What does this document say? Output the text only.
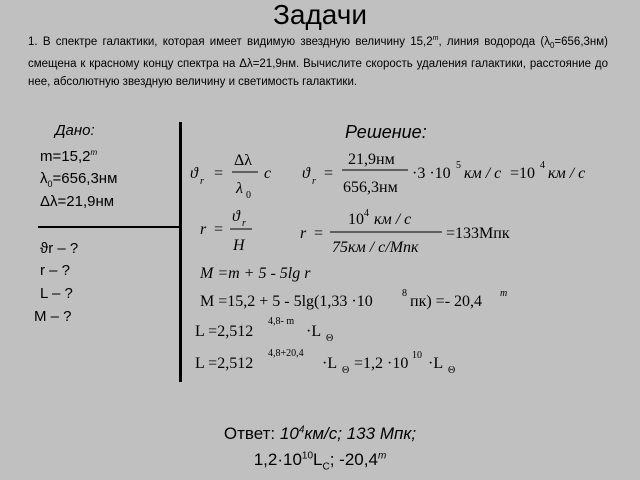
Задачи
1. В спектре галактики, которая имеет видимую звездную величину 15,2$^m$, линия водорода $(\lambda_0=656,3нм)$ смещена к красному концу спектра на Δλ=21,9нм. Вычислите скорость удаления галактики, расстояние до нее, абсолютную звездную величину и светимость галактики.
Дано:
$m=15,2^m$
$\lambda_0=656,3нм$
Δλ=21,9нм
ϑr – ?
r – ?
L – ?
M – ?
Решение:
ϑ r =
Δλ
λ 0
c ϑ r =
21,9нм
656,3нм
·3 ·10 5 км / с =10 4 км / с
r =
ϑ r
H
r =
10 4 км / с
75км / с/Мпк
=133Мпк
M =m + 5 - 5lg r
M =15,2 + 5 - 5lg(1,33 ·10	8 пк) =- 20,4 m
L =2,512
4,8- m
·L Θ
L =2,512
4,8+20,4
·L Θ =1,2 ·10 10 ·L Θ
Ответ: $10^4км/с$; 133 Мпк;
$1,2\cdot 10^{10}L_C$; -20,4$^m$
